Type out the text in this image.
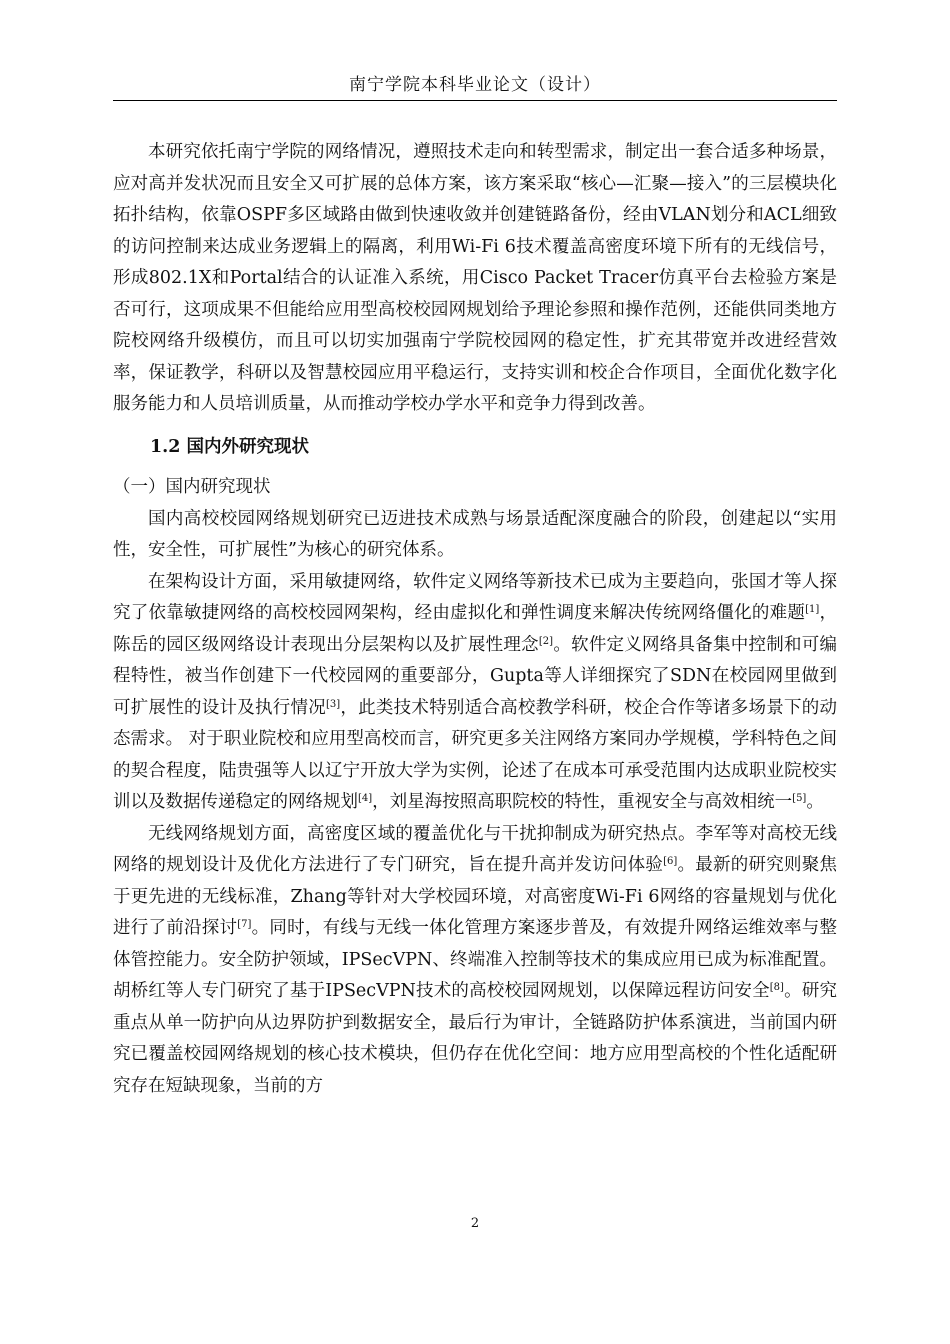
南宁学院本科毕业论文（设计）

本研究依托南宁学院的网络情况，遵照技术走向和转型需求，制定出一套合适多种场景，应对高并发状况而且安全又可扩展的总体方案，该方案采取“核心—汇聚—接入”的三层模块化拓扑结构，依靠OSPF多区域路由做到快速收敛并创建链路备份，经由VLAN划分和ACL细致的访问控制来达成业务逻辑上的隔离，利用Wi-Fi 6技术覆盖高密度环境下所有的无线信号，形成802.1X和Portal结合的认证准入系统，用Cisco Packet Tracer仿真平台去检验方案是否可行，这项成果不但能给应用型高校校园网规划给予理论参照和操作范例，还能供同类地方院校网络升级模仿，而且可以切实加强南宁学院校园网的稳定性，扩充其带宽并改进经营效率，保证教学，科研以及智慧校园应用平稳运行，支持实训和校企合作项目，全面优化数字化服务能力和人员培训质量，从而推动学校办学水平和竞争力得到改善。

1.2 国内外研究现状

（一）国内研究现状

国内高校校园网络规划研究已迈进技术成熟与场景适配深度融合的阶段，创建起以“实用性，安全性，可扩展性”为核心的研究体系。

在架构设计方面，采用敏捷网络，软件定义网络等新技术已成为主要趋向，张国才等人探究了依靠敏捷网络的高校校园网架构，经由虚拟化和弹性调度来解决传统网络僵化的难题[1]，陈岳的园区级网络设计表现出分层架构以及扩展性理念[2]。软件定义网络具备集中控制和可编程特性，被当作创建下一代校园网的重要部分，Gupta等人详细探究了SDN在校园网里做到可扩展性的设计及执行情况[3]，此类技术特别适合高校教学科研，校企合作等诸多场景下的动态需求。 对于职业院校和应用型高校而言，研究更多关注网络方案同办学规模，学科特色之间的契合程度，陆贵强等人以辽宁开放大学为实例，论述了在成本可承受范围内达成职业院校实训以及数据传递稳定的网络规划[4]，刘星海按照高职院校的特性，重视安全与高效相统一[5]。

无线网络规划方面，高密度区域的覆盖优化与干扰抑制成为研究热点。李军等对高校无线网络的规划设计及优化方法进行了专门研究，旨在提升高并发访问体验[6]。最新的研究则聚焦于更先进的无线标准，Zhang等针对大学校园环境，对高密度Wi-Fi 6网络的容量规划与优化进行了前沿探讨[7]。同时，有线与无线一体化管理方案逐步普及，有效提升网络运维效率与整体管控能力。安全防护领域，IPSecVPN、终端准入控制等技术的集成应用已成为标准配置。胡桥红等人专门研究了基于IPSecVPN技术的高校校园网规划，以保障远程访问安全[8]。研究重点从单一防护向从边界防护到数据安全，最后行为审计，全链路防护体系演进，当前国内研究已覆盖校园网络规划的核心技术模块，但仍存在优化空间：地方应用型高校的个性化适配研究存在短缺现象，当前的方

2
